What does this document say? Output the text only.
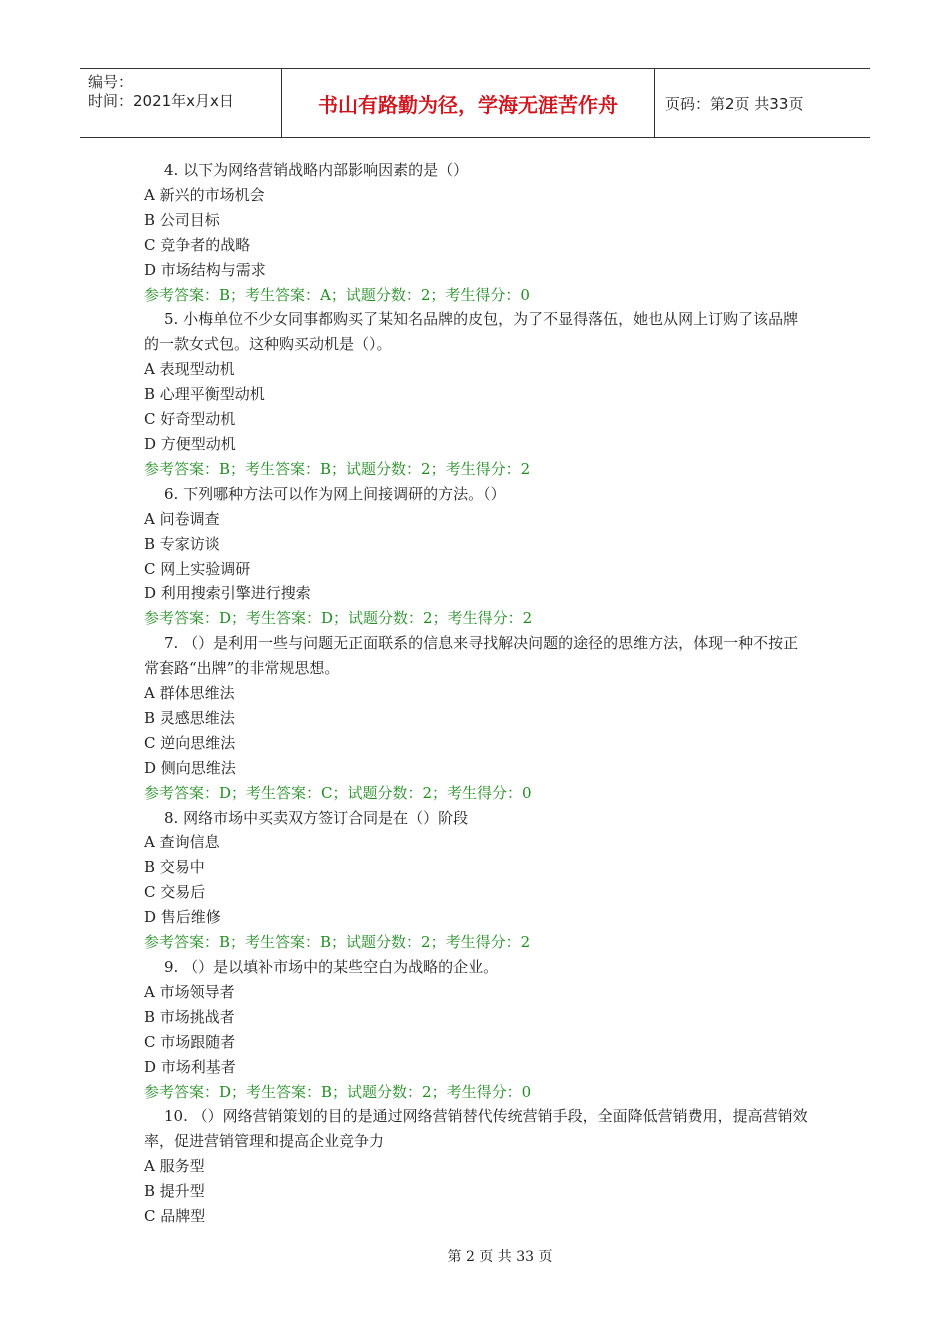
编号：
时间：2021年x月x日	书山有路勤为径，学海无涯苦作舟	页码：第2页 共33页
4. 以下为网络营销战略内部影响因素的是（）
A 新兴的市场机会
B 公司目标
C 竞争者的战略
D 市场结构与需求
参考答案：B；考生答案：A；试题分数：2；考生得分：0
5. 小梅单位不少女同事都购买了某知名品牌的皮包，为了不显得落伍，她也从网上订购了该品牌的一款女式包。这种购买动机是（）。
A 表现型动机
B 心理平衡型动机
C 好奇型动机
D 方便型动机
参考答案：B；考生答案：B；试题分数：2；考生得分：2
6. 下列哪种方法可以作为网上间接调研的方法。（）
A 问卷调查
B 专家访谈
C 网上实验调研
D 利用搜索引擎进行搜索
参考答案：D；考生答案：D；试题分数：2；考生得分：2
7. （）是利用一些与问题无正面联系的信息来寻找解决问题的途径的思维方法，体现一种不按正常套路“出牌”的非常规思想。
A 群体思维法
B 灵感思维法
C 逆向思维法
D 侧向思维法
参考答案：D；考生答案：C；试题分数：2；考生得分：0
8. 网络市场中买卖双方签订合同是在（）阶段
A 查询信息
B 交易中
C 交易后
D 售后维修
参考答案：B；考生答案：B；试题分数：2；考生得分：2
9. （）是以填补市场中的某些空白为战略的企业。
A 市场领导者
B 市场挑战者
C 市场跟随者
D 市场利基者
参考答案：D；考生答案：B；试题分数：2；考生得分：0
10. （）网络营销策划的目的是通过网络营销替代传统营销手段，全面降低营销费用，提高营销效率，促进营销管理和提高企业竞争力
A 服务型
B 提升型
C 品牌型
第 2 页 共 33 页
